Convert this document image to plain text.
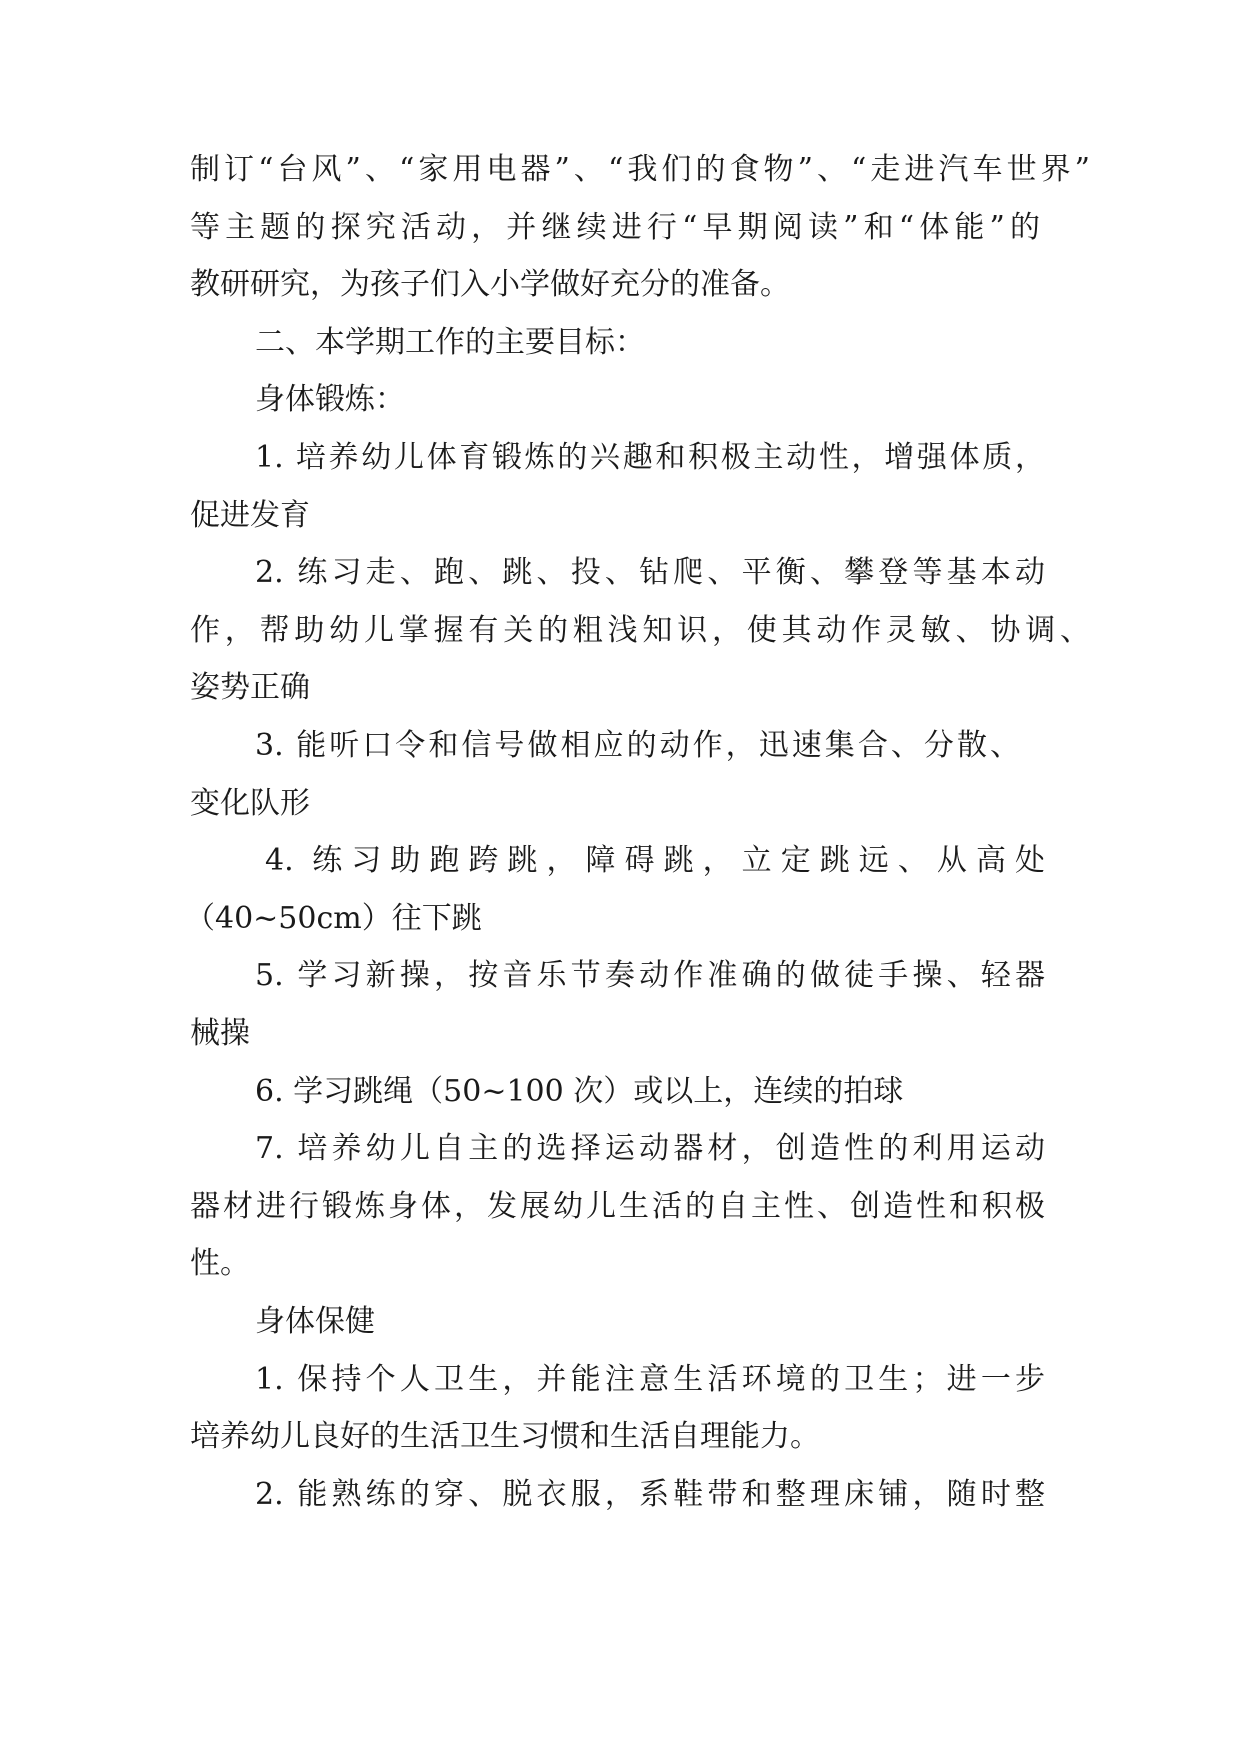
制订“台风”、“家用电器”、“我们的食物”、“走进汽车世界”
等主题的探究活动，并继续进行“早期阅读”和“体能”的
教研研究，为孩子们入小学做好充分的准备。
二、本学期工作的主要目标：
身体锻炼：
1. 培养幼儿体育锻炼的兴趣和积极主动性，增强体质，
促进发育
2. 练习走、跑、跳、投、钻爬、平衡、攀登等基本动
作，帮助幼儿掌握有关的粗浅知识，使其动作灵敏、协调、
姿势正确
3. 能听口令和信号做相应的动作，迅速集合、分散、
变化队形
4. 练习助跑跨跳，障碍跳，立定跳远、从高处
（40~50cm）往下跳
5. 学习新操，按音乐节奏动作准确的做徒手操、轻器
械操
6. 学习跳绳（50~100 次）或以上，连续的拍球
7. 培养幼儿自主的选择运动器材，创造性的利用运动
器材进行锻炼身体，发展幼儿生活的自主性、创造性和积极
性。
身体保健
1. 保持个人卫生，并能注意生活环境的卫生；进一步
培养幼儿良好的生活卫生习惯和生活自理能力。
2. 能熟练的穿、脱衣服，系鞋带和整理床铺，随时整
